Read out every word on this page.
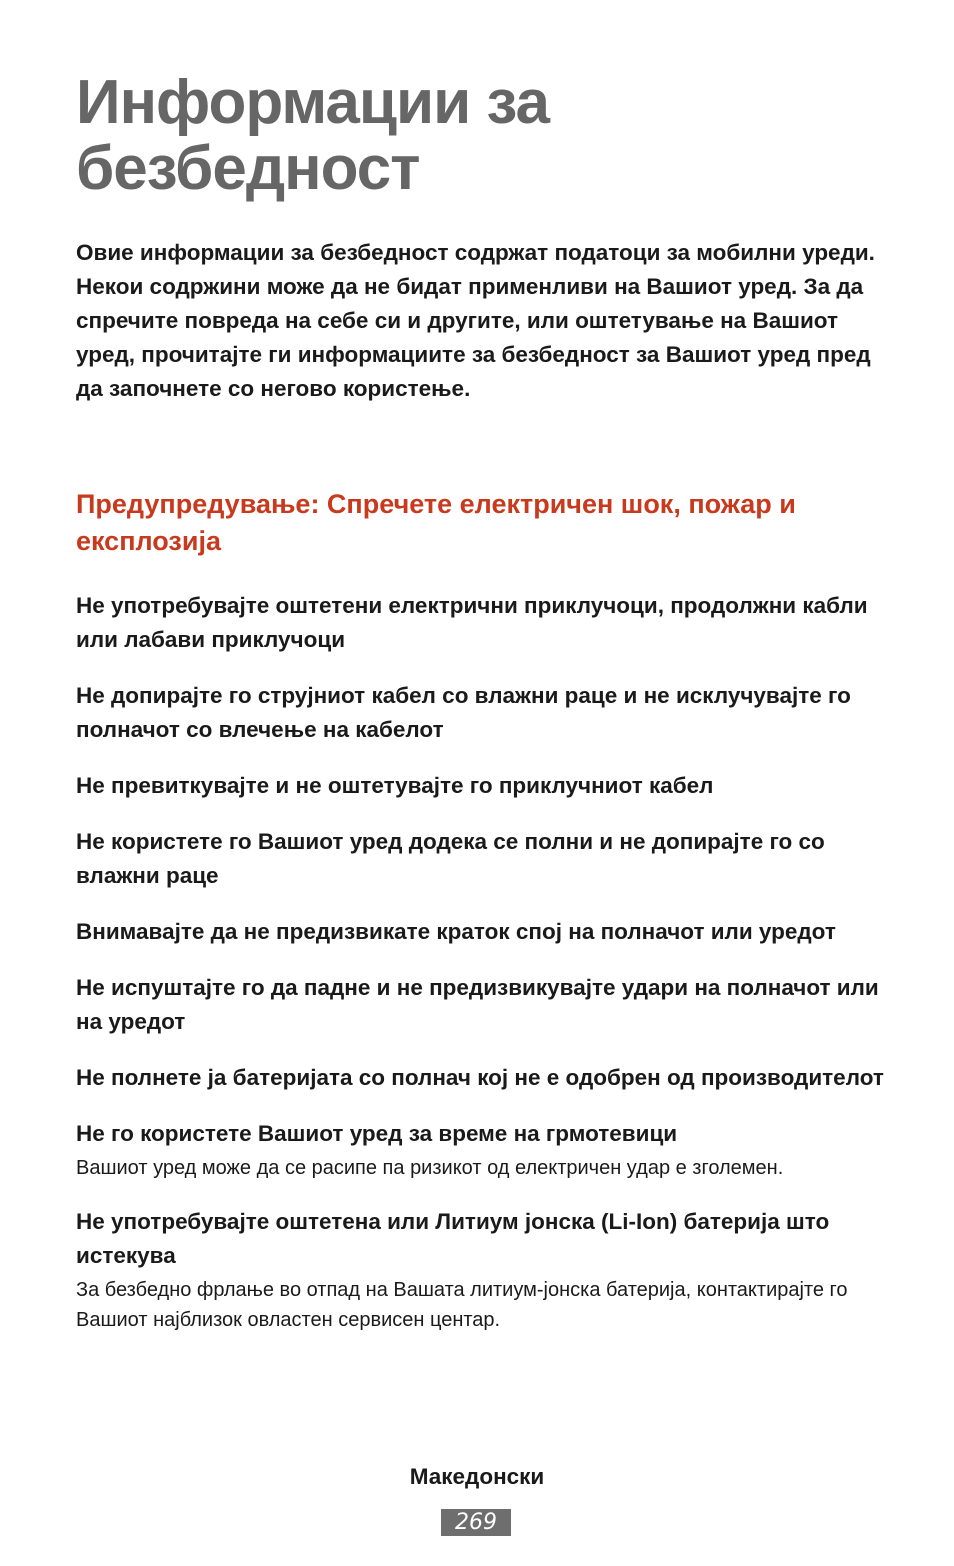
Информации за безбедност

Овие информации за безбедност содржат податоци за мобилни уреди. Некои содржини може да не бидат применливи на Вашиот уред. За да спречите повреда на себе си и другите, или оштетување на Вашиот уред, прочитајте ги информациите за безбедност за Вашиот уред пред да започнете со негово користење.

Предупредување: Спречете електричен шок, пожар и експлозија

Не употребувајте оштетени електрични приклучоци, продолжни кабли или лабави приклучоци

Не допирајте го струјниот кабел со влажни раце и не исклучувајте го полначот со влечење на кабелот

Не превиткувајте и не оштетувајте го приклучниот кабел

Не користете го Вашиот уред додека се полни и не допирајте го со влажни раце

Внимавајте да не предизвикате краток спој на полначот или уредот

Не испуштајте го да падне и не предизвикувајте удари на полначот или на уредот

Не полнете ја батеријата со полнач кој не е одобрен од производителот

Не го користете Вашиот уред за време на грмотевици

Вашиот уред може да се расипе па ризикот од електричен удар е зголемен.

Не употребувајте оштетена или Литиум јонска (Li-Ion) батерија што истекува

За безбедно фрлање во отпад на Вашата литиум-јонска батерија, контактирајте го Вашиот најблизок овластен сервисен центар.

Македонски
269
